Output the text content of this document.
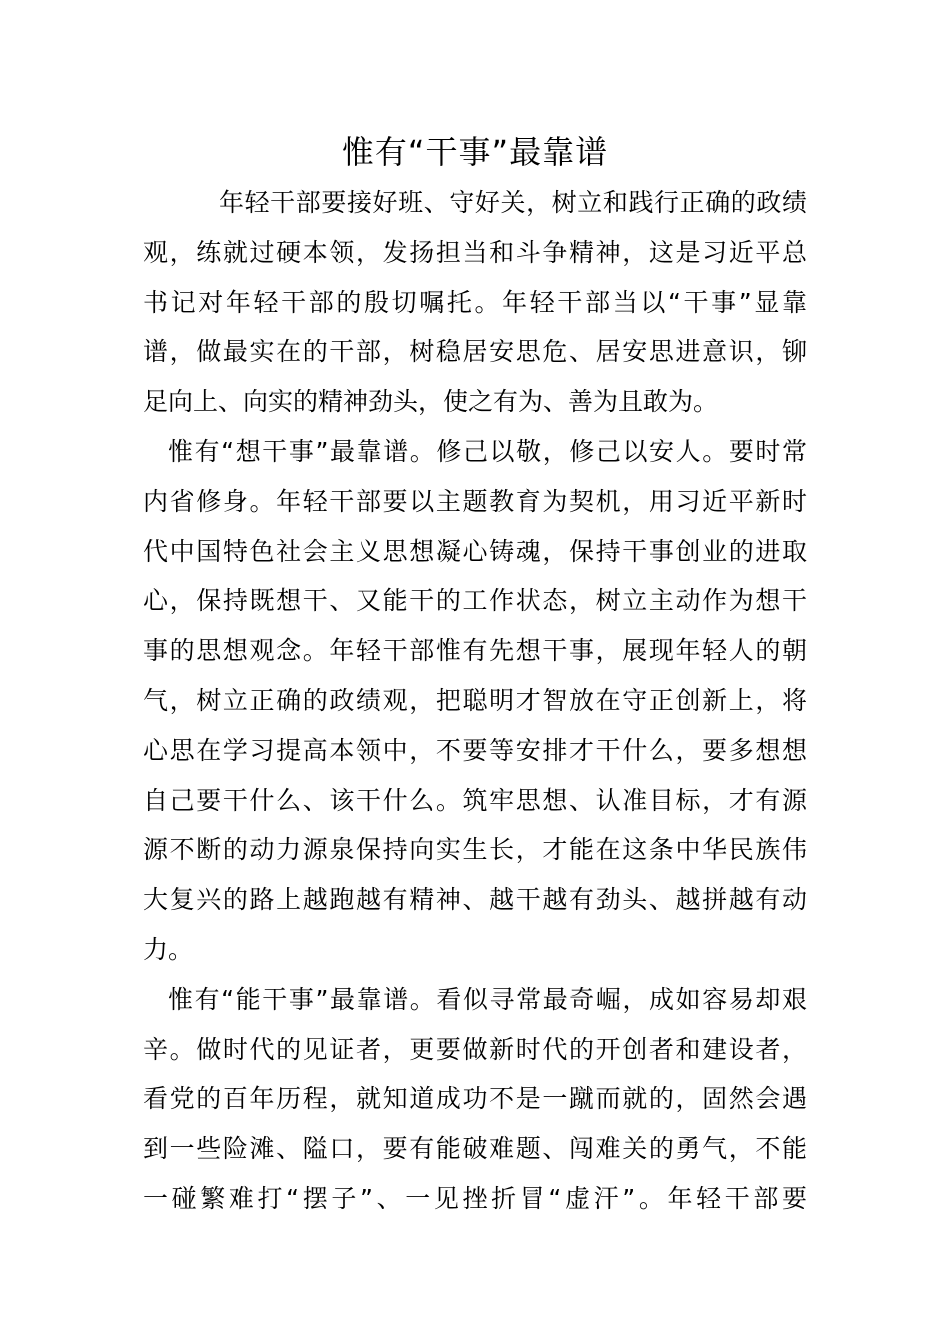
惟有“干事”最靠谱
年轻干部要接好班、守好关，树立和践行正确的政绩
观，练就过硬本领，发扬担当和斗争精神，这是习近平总
书记对年轻干部的殷切嘱托。年轻干部当以“干事”显靠
谱，做最实在的干部，树稳居安思危、居安思进意识，铆
足向上、向实的精神劲头，使之有为、善为且敢为。
惟有“想干事”最靠谱。修己以敬，修己以安人。要时常
内省修身。年轻干部要以主题教育为契机，用习近平新时
代中国特色社会主义思想凝心铸魂，保持干事创业的进取
心，保持既想干、又能干的工作状态，树立主动作为想干
事的思想观念。年轻干部惟有先想干事，展现年轻人的朝
气，树立正确的政绩观，把聪明才智放在守正创新上，将
心思在学习提高本领中，不要等安排才干什么，要多想想
自己要干什么、该干什么。筑牢思想、认准目标，才有源
源不断的动力源泉保持向实生长，才能在这条中华民族伟
大复兴的路上越跑越有精神、越干越有劲头、越拼越有动
力。
惟有“能干事”最靠谱。看似寻常最奇崛，成如容易却艰
辛。做时代的见证者，更要做新时代的开创者和建设者，
看党的百年历程，就知道成功不是一蹴而就的，固然会遇
到一些险滩、隘口，要有能破难题、闯难关的勇气，不能
一碰繁难打“摆子”、一见挫折冒“虚汗”。年轻干部要
